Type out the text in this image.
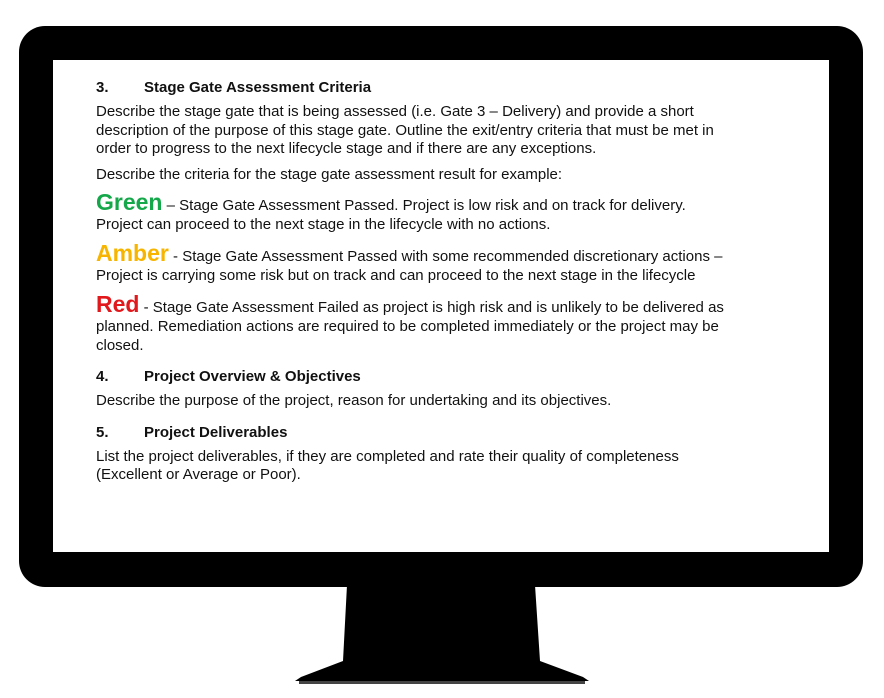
3. Stage Gate Assessment Criteria

Describe the stage gate that is being assessed (i.e. Gate 3 – Delivery) and provide a short description of the purpose of this stage gate. Outline the exit/entry criteria that must be met in order to progress to the next lifecycle stage and if there are any exceptions.

Describe the criteria for the stage gate assessment result for example:

Green – Stage Gate Assessment Passed. Project is low risk and on track for delivery. Project can proceed to the next stage in the lifecycle with no actions.

Amber - Stage Gate Assessment Passed with some recommended discretionary actions – Project is carrying some risk but on track and can proceed to the next stage in the lifecycle

Red - Stage Gate Assessment Failed as project is high risk and is unlikely to be delivered as planned. Remediation actions are required to be completed immediately or the project may be closed.

4. Project Overview & Objectives

Describe the purpose of the project, reason for undertaking and its objectives.

5. Project Deliverables

List the project deliverables, if they are completed and rate their quality of completeness (Excellent or Average or Poor).
